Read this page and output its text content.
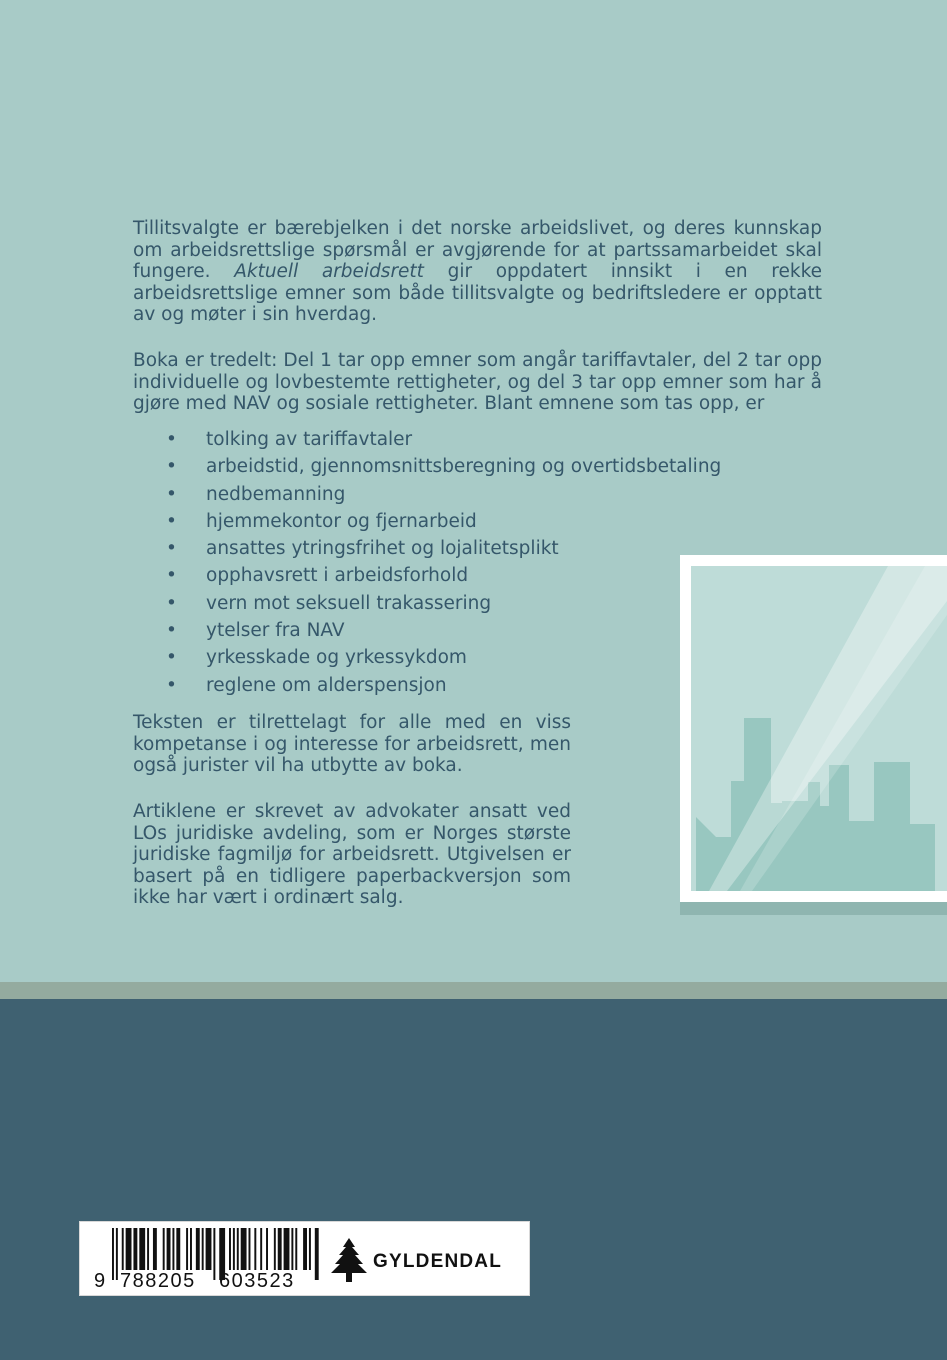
Tillitsvalgte er bærebjelken i det norske arbeidslivet, og deres kunnskap om arbeidsrettslige spørsmål er avgjørende for at partssamarbeidet skal fungere. Aktuell arbeidsrett gir oppdatert innsikt i en rekke arbeidsrettslige emner som både tillitsvalgte og bedriftsledere er opptatt av og møter i sin hverdag.

Boka er tredelt: Del 1 tar opp emner som angår tariffavtaler, del 2 tar opp individuelle og lovbestemte rettigheter, og del 3 tar opp emner som har å gjøre med NAV og sosiale rettigheter. Blant emnene som tas opp, er

• tolking av tariffavtaler
• arbeidstid, gjennomsnittsberegning og overtidsbetaling
• nedbemanning
• hjemmekontor og fjernarbeid
• ansattes ytringsfrihet og lojalitetsplikt
• opphavsrett i arbeidsforhold
• vern mot seksuell trakassering
• ytelser fra NAV
• yrkesskade og yrkessykdom
• reglene om alderspensjon

Teksten er tilrettelagt for alle med en viss kompetanse i og interesse for arbeidsrett, men også jurister vil ha utbytte av boka.

Artiklene er skrevet av advokater ansatt ved LOs juridiske avdeling, som er Norges største juridiske fagmiljø for arbeidsrett. Utgivelsen er basert på en tidligere paperbackversjon som ikke har vært i ordinært salg.

9 788205 603523
GYLDENDAL
